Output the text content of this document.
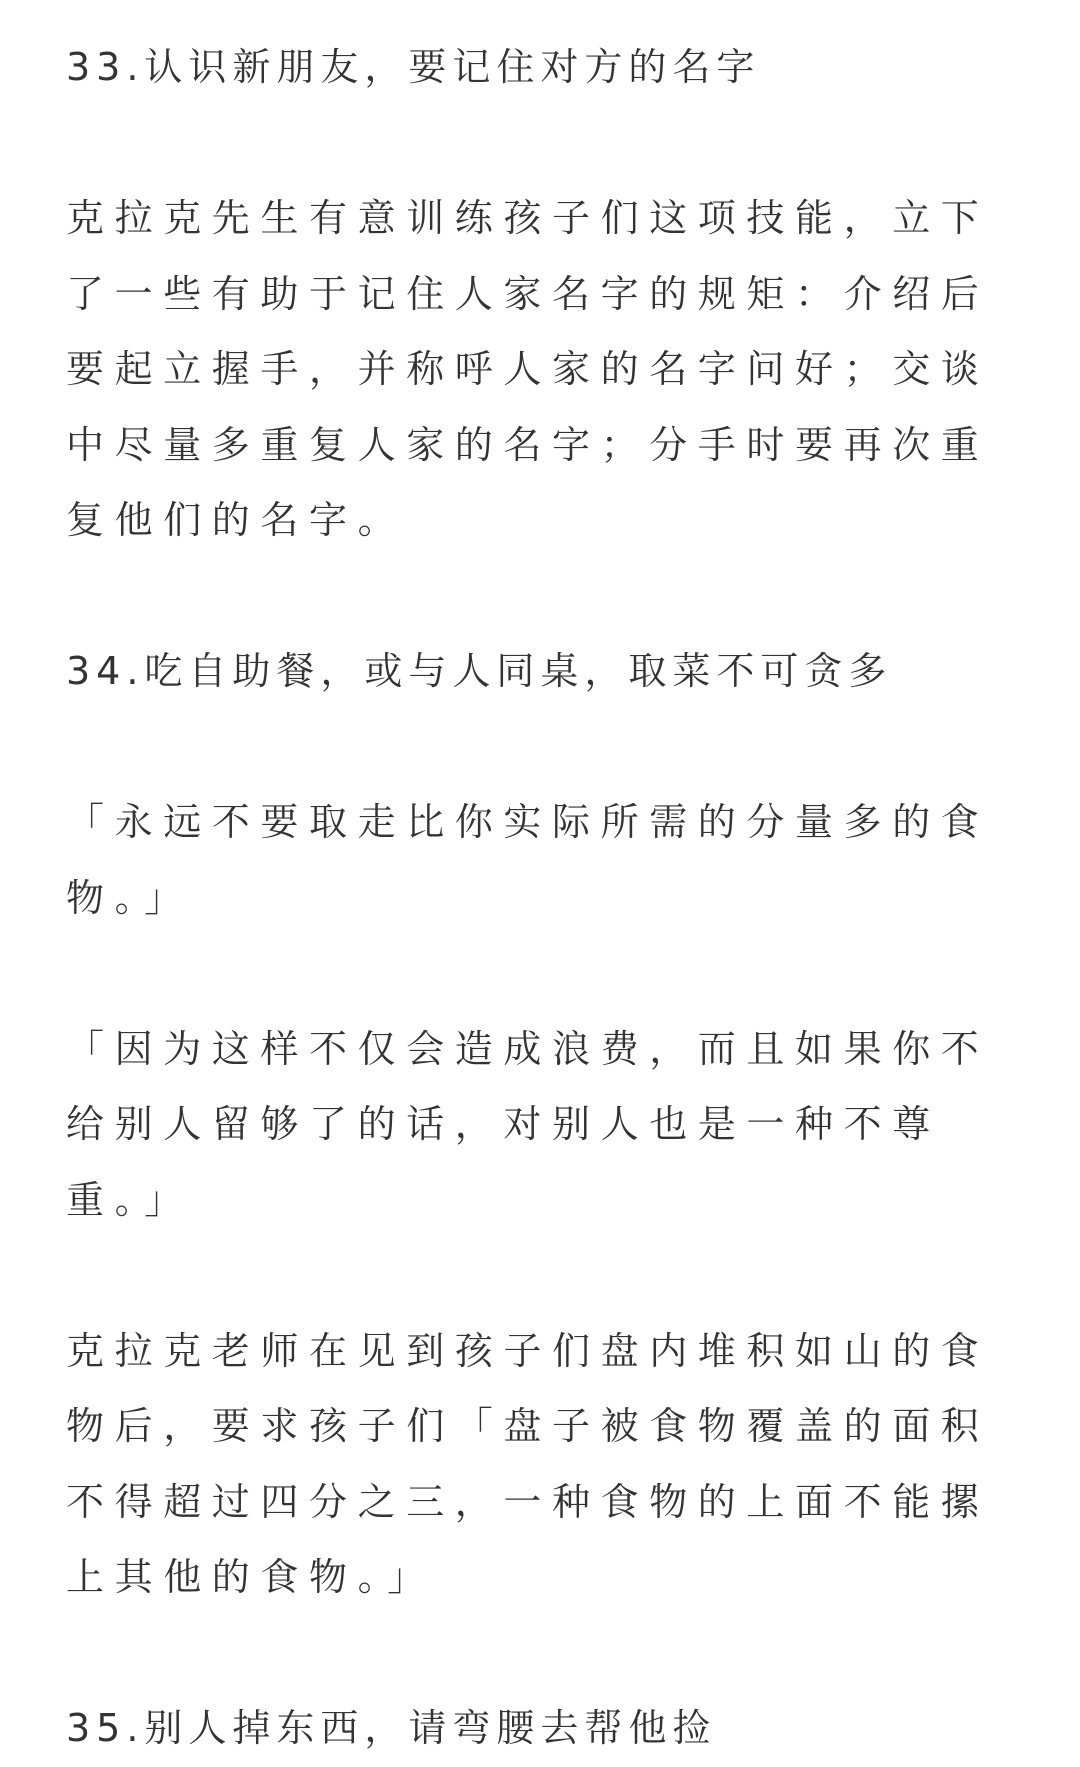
33.认识新朋友，要记住对方的名字

克拉克先生有意训练孩子们这项技能，立下了一些有助于记住人家名字的规矩：介绍后要起立握手，并称呼人家的名字问好；交谈中尽量多重复人家的名字；分手时要再次重复他们的名字。

34.吃自助餐，或与人同桌，取菜不可贪多

「永远不要取走比你实际所需的分量多的食物。」

「因为这样不仅会造成浪费，而且如果你不给别人留够了的话，对别人也是一种不尊重。」

克拉克老师在见到孩子们盘内堆积如山的食物后，要求孩子们「盘子被食物覆盖的面积不得超过四分之三，一种食物的上面不能摞上其他的食物。」

35.别人掉东西，请弯腰去帮他捡
